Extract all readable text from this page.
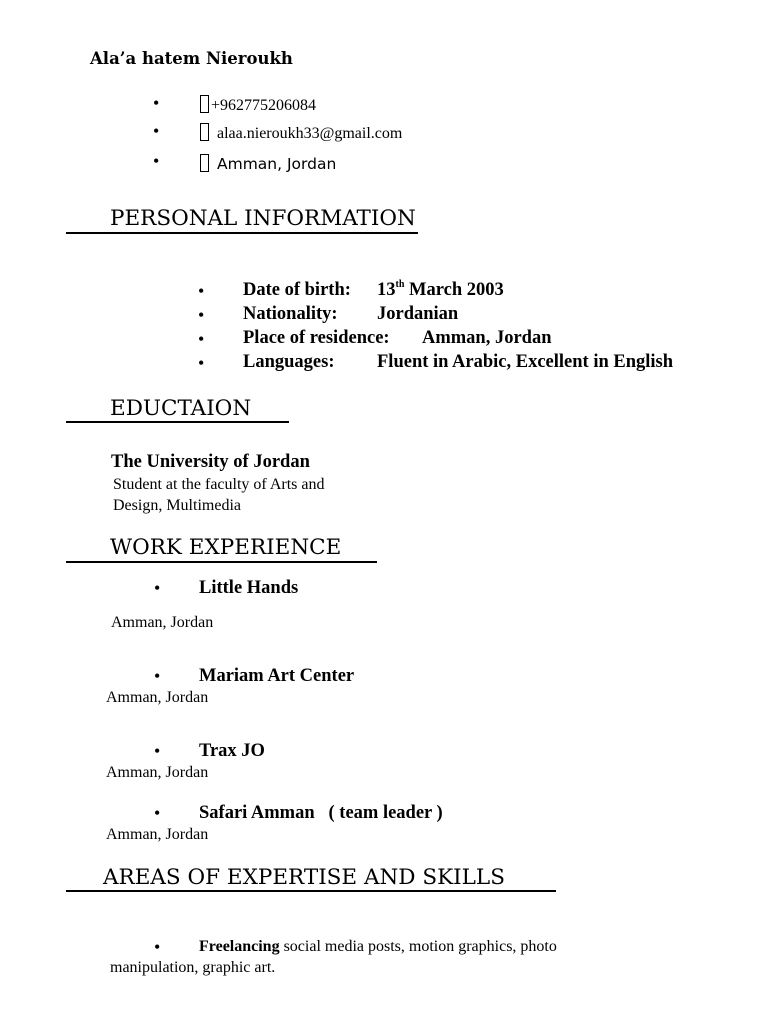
Ala’a hatem Nieroukh
•	+962775206084
•	alaa.nieroukh33@gmail.com
•	Amman, Jordan
PERSONAL INFORMATION
• Date of birth: 13th March 2003
• Nationality: Jordanian
• Place of residence: Amman, Jordan
• Languages: Fluent in Arabic, Excellent in English
EDUCTAION
The University of Jordan
Student at the faculty of Arts and
Design, Multimedia
WORK EXPERIENCE
• Little Hands
Amman, Jordan
• Mariam Art Center
Amman, Jordan
• Trax JO
Amman, Jordan
• Safari Amman   ( team leader )
Amman, Jordan
AREAS OF EXPERTISE AND SKILLS
• Freelancing social media posts, motion graphics, photo
manipulation, graphic art.
